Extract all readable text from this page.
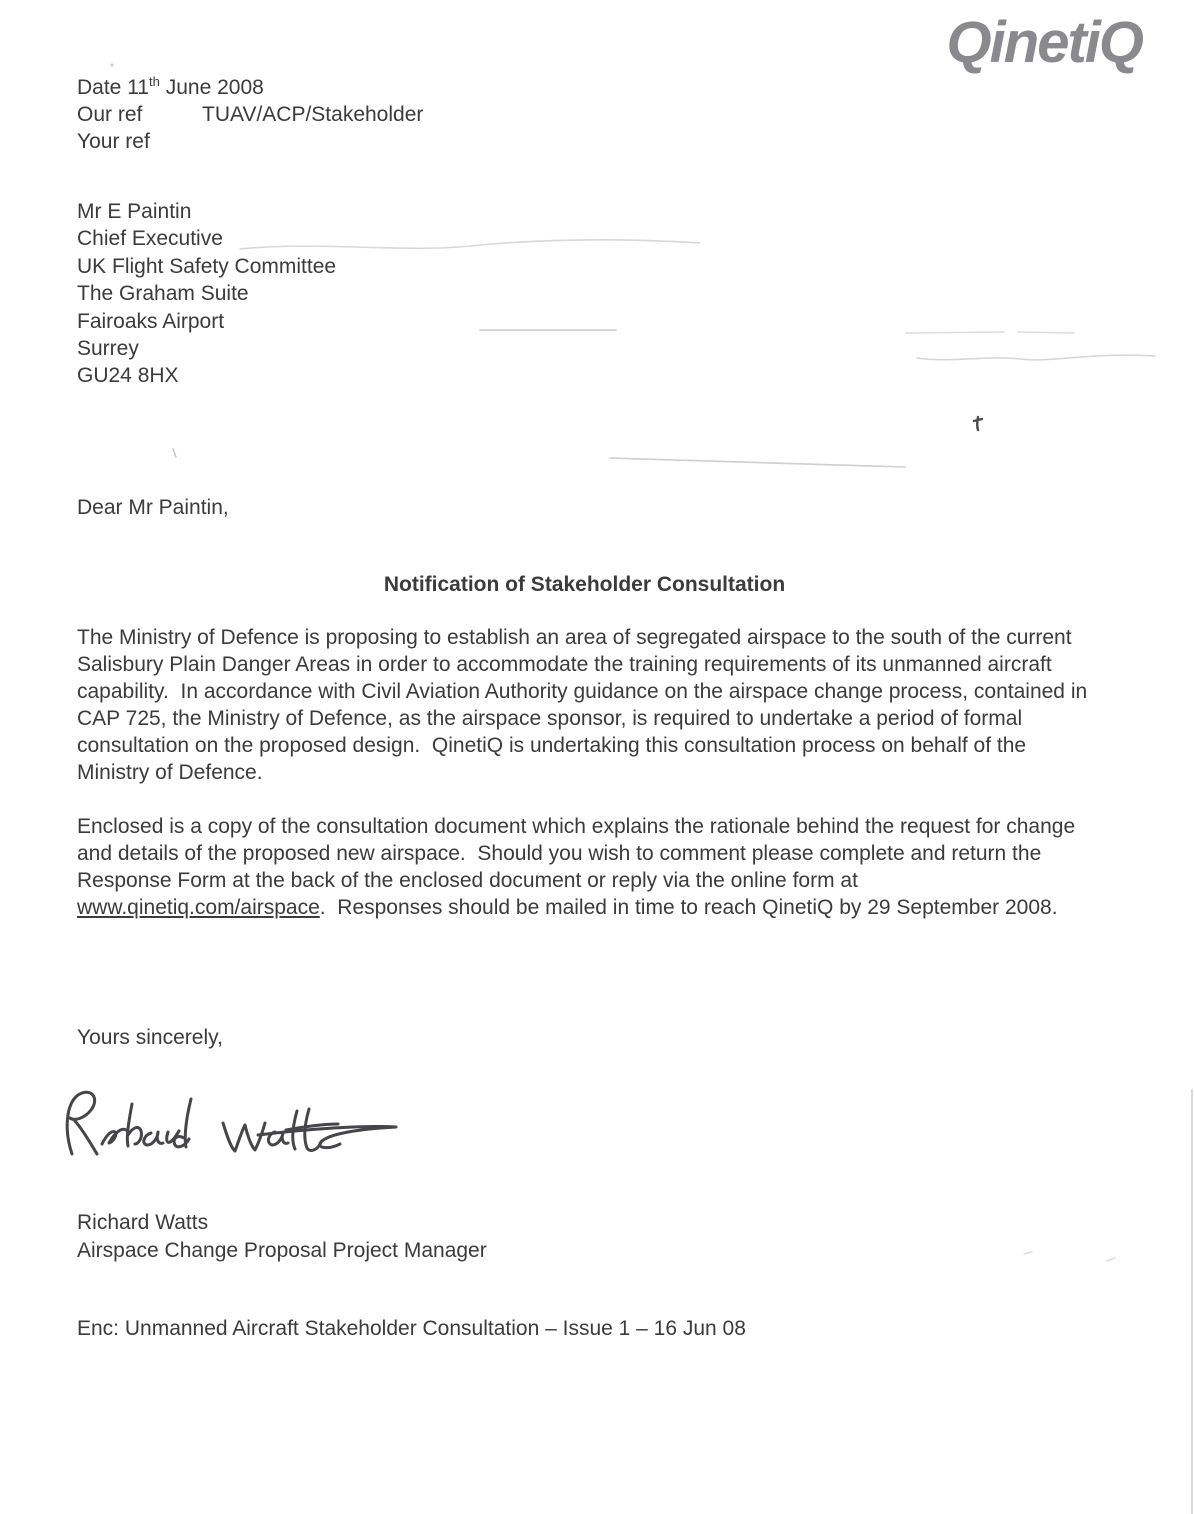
QinetiQ
Date 11th June 2008
Our ref	TUAV/ACP/Stakeholder
Your ref
Mr E Paintin
Chief Executive
UK Flight Safety Committee
The Graham Suite
Fairoaks Airport
Surrey
GU24 8HX
Dear Mr Paintin,
Notification of Stakeholder Consultation
The Ministry of Defence is proposing to establish an area of segregated airspace to the south of the current Salisbury Plain Danger Areas in order to accommodate the training requirements of its unmanned aircraft capability.  In accordance with Civil Aviation Authority guidance on the airspace change process, contained in CAP 725, the Ministry of Defence, as the airspace sponsor, is required to undertake a period of formal consultation on the proposed design.  QinetiQ is undertaking this consultation process on behalf of the Ministry of Defence.
Enclosed is a copy of the consultation document which explains the rationale behind the request for change and details of the proposed new airspace.  Should you wish to comment please complete and return the Response Form at the back of the enclosed document or reply via the online form at www.qinetiq.com/airspace.  Responses should be mailed in time to reach QinetiQ by 29 September 2008.
Yours sincerely,
Richard Watts
Airspace Change Proposal Project Manager
Enc: Unmanned Aircraft Stakeholder Consultation – Issue 1 – 16 Jun 08
